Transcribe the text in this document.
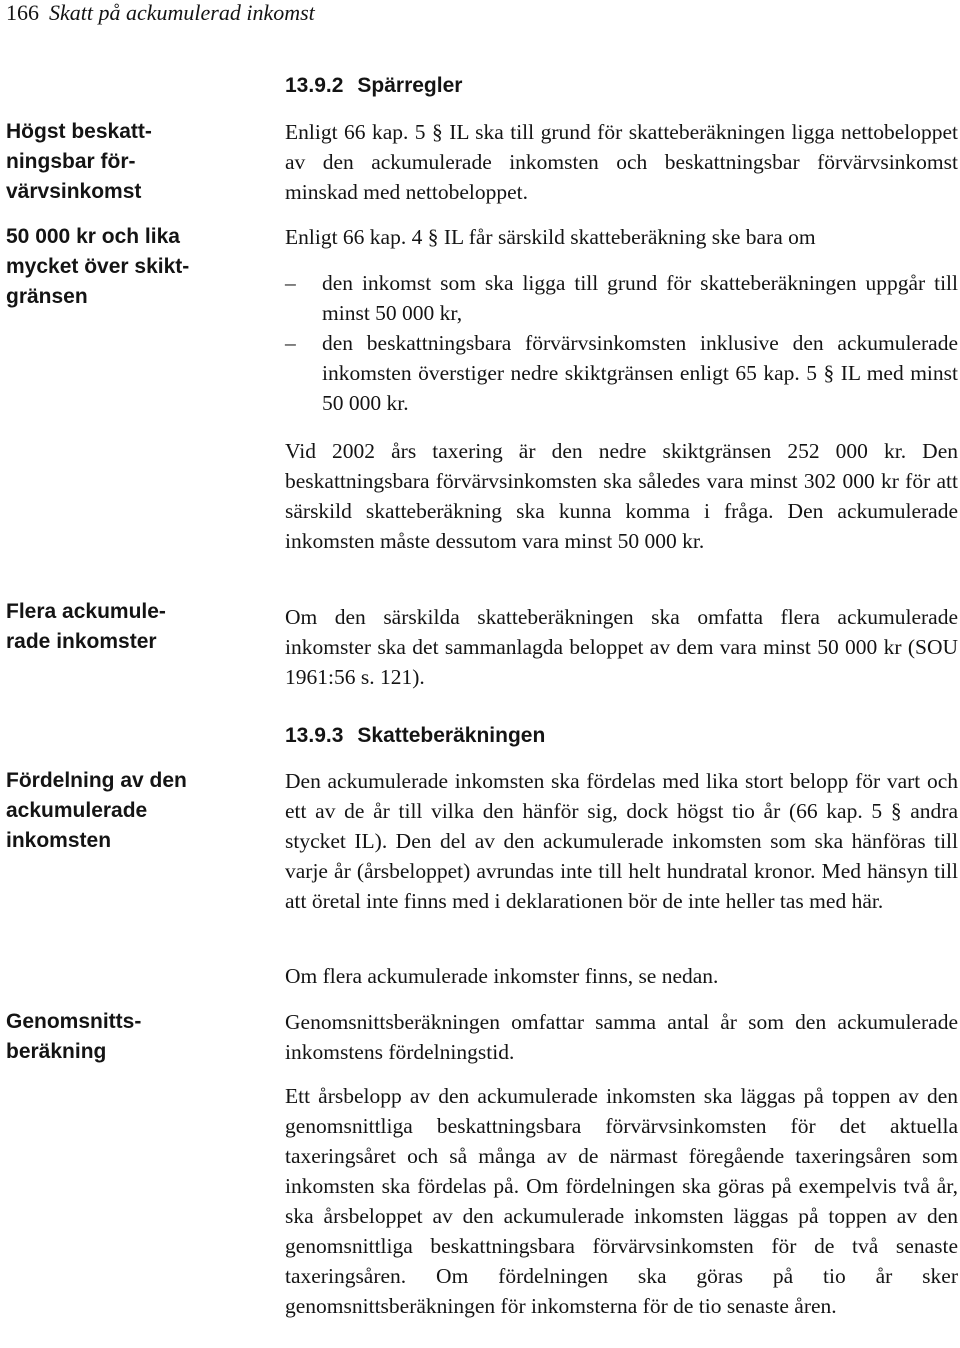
166 Skatt på ackumulerad inkomst
Högst beskatt-
ningsbar för-
värvsinkomst
50 000 kr och lika
mycket över skikt-
gränsen
Flera ackumule-
rade inkomster
Fördelning av den
ackumulerade
inkomsten
Genomsnitts-
beräkning
13.9.2 Spärregler

Enligt 66 kap. 5 § IL ska till grund för skatteberäkningen ligga nettobeloppet av den ackumulerade inkomsten och beskattningsbar förvärvsinkomst minskad med nettobeloppet.

Enligt 66 kap. 4 § IL får särskild skatteberäkning ske bara om

– den inkomst som ska ligga till grund för skatteberäkningen uppgår till minst 50 000 kr,
– den beskattningsbara förvärvsinkomsten inklusive den ackumulerade inkomsten överstiger nedre skiktgränsen enligt 65 kap. 5 § IL med minst 50 000 kr.

Vid 2002 års taxering är den nedre skiktgränsen 252 000 kr. Den beskattningsbara förvärvsinkomsten ska således vara minst 302 000 kr för att särskild skatteberäkning ska kunna komma i fråga. Den ackumulerade inkomsten måste dessutom vara minst 50 000 kr.

Om den särskilda skatteberäkningen ska omfatta flera ackumulerade inkomster ska det sammanlagda beloppet av dem vara minst 50 000 kr (SOU 1961:56 s. 121).

13.9.3 Skatteberäkningen

Den ackumulerade inkomsten ska fördelas med lika stort belopp för vart och ett av de år till vilka den hänför sig, dock högst tio år (66 kap. 5 § andra stycket IL). Den del av den ackumulerade inkomsten som ska hänföras till varje år (årsbeloppet) avrundas inte till helt hundratal kronor. Med hänsyn till att öretal inte finns med i deklarationen bör de inte heller tas med här.

Om flera ackumulerade inkomster finns, se nedan.

Genomsnittsberäkningen omfattar samma antal år som den ackumulerade inkomstens fördelningstid.

Ett årsbelopp av den ackumulerade inkomsten ska läggas på toppen av den genomsnittliga beskattningsbara förvärvsinkomsten för det aktuella taxeringsåret och så många av de närmast föregående taxeringsåren som inkomsten ska fördelas på. Om fördelningen ska göras på exempelvis två år, ska årsbeloppet av den ackumulerade inkomsten läggas på toppen av den genomsnittliga beskattningsbara förvärvsinkomsten för de två senaste taxeringsåren. Om fördelningen ska göras på tio år sker genomsnittsberäkningen för inkomsterna för de tio senaste åren.
